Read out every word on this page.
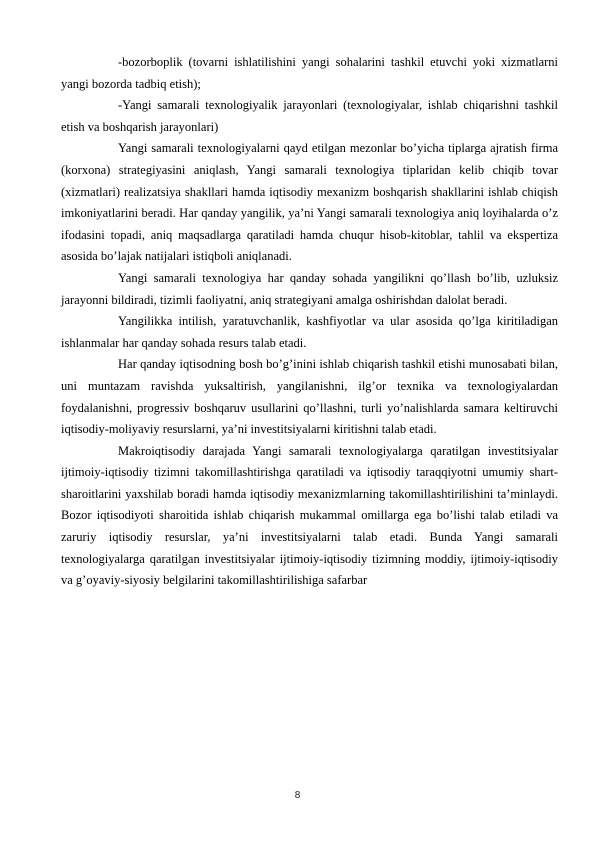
-bozorboplik (tovarni ishlatilishini yangi sohalarini tashkil etuvchi yoki xizmatlarni yangi bozorda tadbiq etish);

-Yangi samarali texnologiyalik jarayonlari (texnologiyalar, ishlab chiqarishni tashkil etish va boshqarish jarayonlari)

Yangi samarali texnologiyalarni qayd etilgan mezonlar bo’yicha tiplarga ajratish firma (korxona) strategiyasini aniqlash, Yangi samarali texnologiya tiplaridan kelib chiqib tovar (xizmatlari) realizatsiya shakllari hamda iqtisodiy mexanizm boshqarish shakllarini ishlab chiqish imkoniyatlarini beradi. Har qanday yangilik, ya’ni Yangi samarali texnologiya aniq loyihalarda o’z ifodasini topadi, aniq maqsadlarga qaratiladi hamda chuqur hisob-kitoblar, tahlil va ekspertiza asosida bo’lajak natijalari istiqboli aniqlanadi.

Yangi samarali texnologiya har qanday sohada yangilikni qo’llash bo’lib, uzluksiz jarayonni bildiradi, tizimli faoliyatni, aniq strategiyani amalga oshirishdan dalolat beradi.

Yangilikka intilish, yaratuvchanlik, kashfiyotlar va ular asosida qo’lga kiritiladigan ishlanmalar har qanday sohada resurs talab etadi.

Har qanday iqtisodning bosh bo’g’inini ishlab chiqarish tashkil etishi munosabati bilan, uni muntazam ravishda yuksaltirish, yangilanishni, ilg’or texnika va texnologiyalardan foydalanishni, progressiv boshqaruv usullarini qo’llashni, turli yo’nalishlarda samara keltiruvchi iqtisodiy-moliyaviy resurslarni, ya’ni investitsiyalarni kiritishni talab etadi.

Makroiqtisodiy darajada Yangi samarali texnologiyalarga qaratilgan investitsiyalar ijtimoiy-iqtisodiy tizimni takomillashtirishga qaratiladi va iqtisodiy taraqqiyotni umumiy shart-sharoitlarini yaxshilab boradi hamda iqtisodiy mexanizmlarning takomillashtirilishini ta’minlaydi. Bozor iqtisodiyoti sharoitida ishlab chiqarish mukammal omillarga ega bo’lishi talab etiladi va zaruriy iqtisodiy resurslar, ya’ni investitsiyalarni talab etadi. Bunda Yangi samarali texnologiyalarga qaratilgan investitsiyalar ijtimoiy-iqtisodiy tizimning moddiy, ijtimoiy-iqtisodiy va g’oyaviy-siyosiy belgilarini takomillashtirilishiga safarbar

8
